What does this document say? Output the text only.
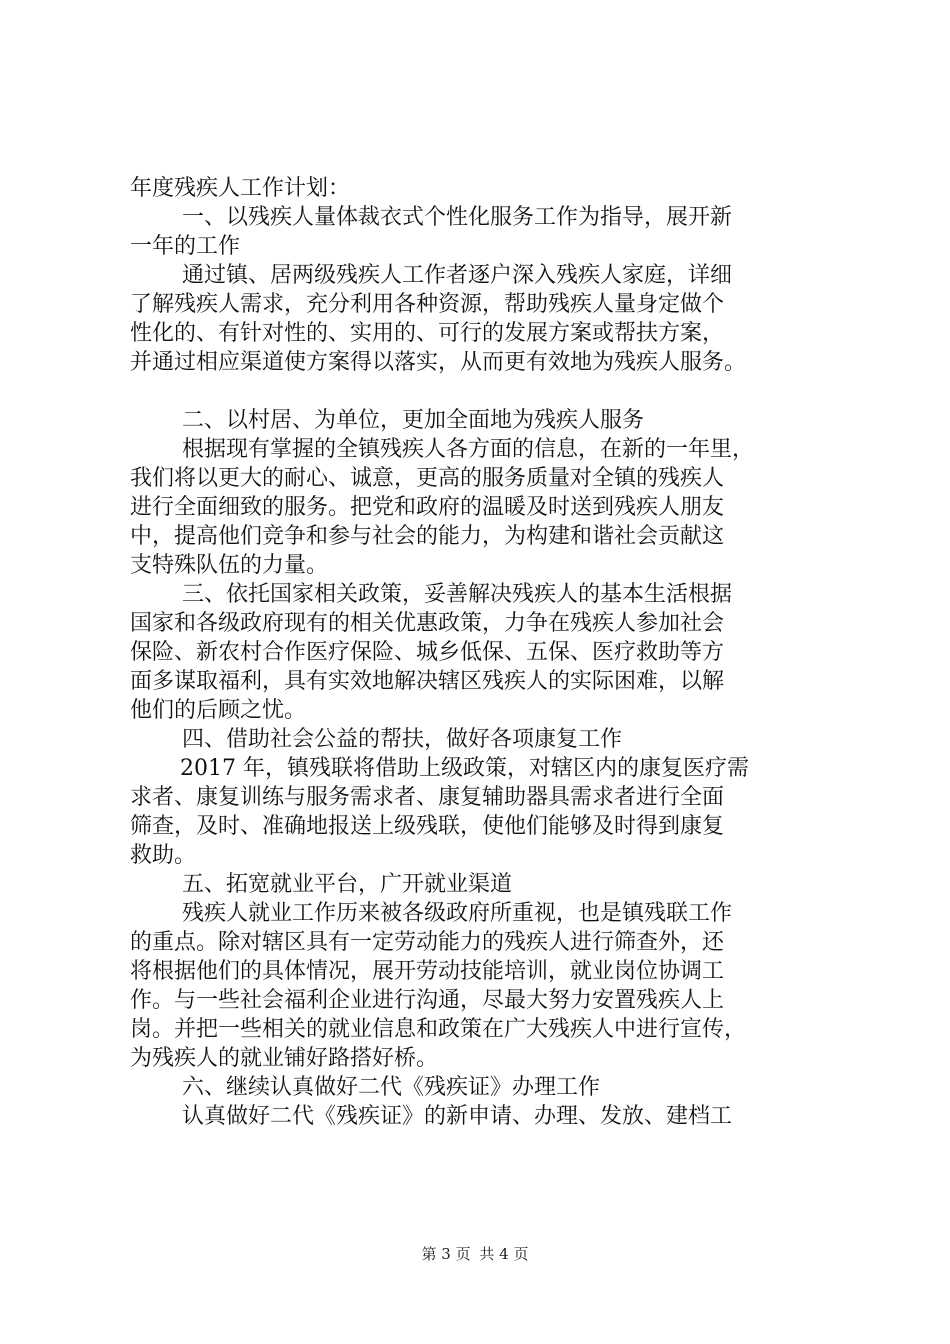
年度残疾人工作计划：
一、以残疾人量体裁衣式个性化服务工作为指导，展开新
一年的工作
通过镇、居两级残疾人工作者逐户深入残疾人家庭，详细
了解残疾人需求，充分利用各种资源，帮助残疾人量身定做个
性化的、有针对性的、实用的、可行的发展方案或帮扶方案，
并通过相应渠道使方案得以落实，从而更有效地为残疾人服务。
二、以村居、为单位，更加全面地为残疾人服务
根据现有掌握的全镇残疾人各方面的信息，在新的一年里，
我们将以更大的耐心、诚意，更高的服务质量对全镇的残疾人
进行全面细致的服务。把党和政府的温暖及时送到残疾人朋友
中，提高他们竞争和参与社会的能力，为构建和谐社会贡献这
支特殊队伍的力量。
三、依托国家相关政策，妥善解决残疾人的基本生活根据
国家和各级政府现有的相关优惠政策，力争在残疾人参加社会
保险、新农村合作医疗保险、城乡低保、五保、医疗救助等方
面多谋取福利，具有实效地解决辖区残疾人的实际困难，以解
他们的后顾之忧。
四、借助社会公益的帮扶，做好各项康复工作
2017 年，镇残联将借助上级政策，对辖区内的康复医疗需
求者、康复训练与服务需求者、康复辅助器具需求者进行全面
筛查，及时、准确地报送上级残联，使他们能够及时得到康复
救助。
五、拓宽就业平台，广开就业渠道
残疾人就业工作历来被各级政府所重视，也是镇残联工作
的重点。除对辖区具有一定劳动能力的残疾人进行筛查外，还
将根据他们的具体情况，展开劳动技能培训，就业岗位协调工
作。与一些社会福利企业进行沟通，尽最大努力安置残疾人上
岗。并把一些相关的就业信息和政策在广大残疾人中进行宣传，
为残疾人的就业铺好路搭好桥。
六、继续认真做好二代《残疾证》办理工作
认真做好二代《残疾证》的新申请、办理、发放、建档工
第 3 页 共 4 页
